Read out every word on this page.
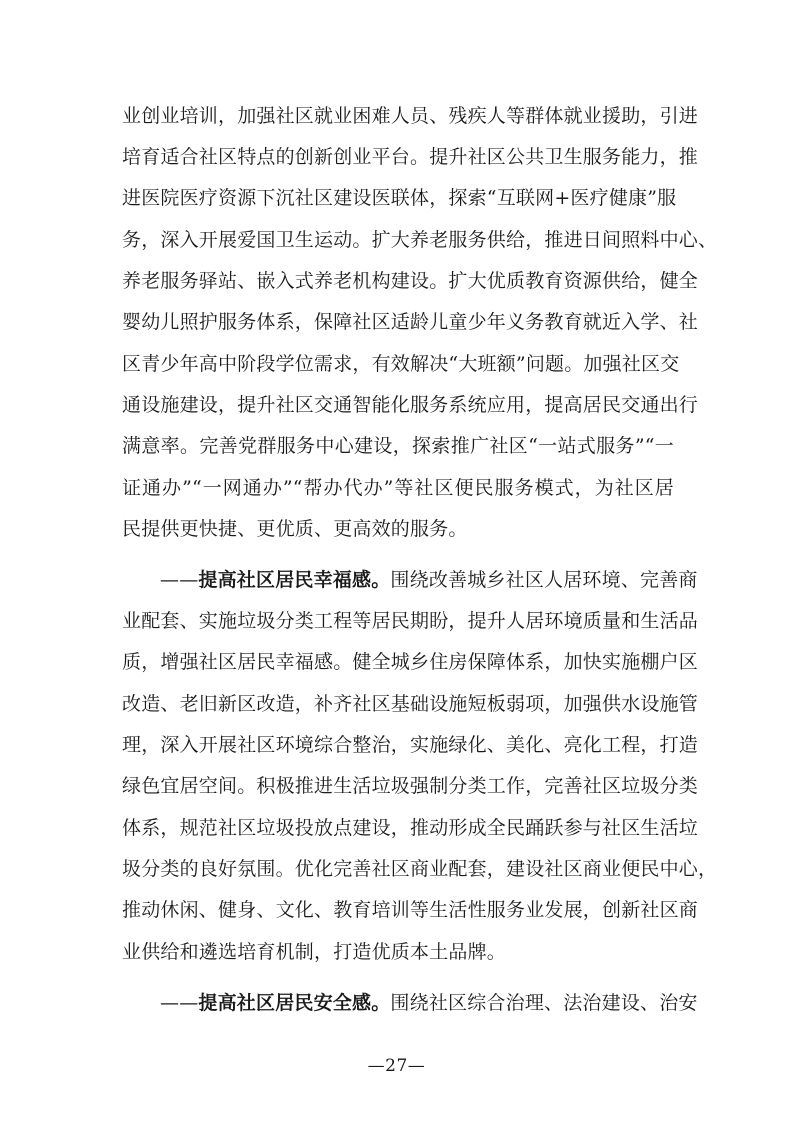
业创业培训，加强社区就业困难人员、残疾人等群体就业援助，引进
培育适合社区特点的创新创业平台。提升社区公共卫生服务能力，推
进医院医疗资源下沉社区建设医联体，探索“互联网+医疗健康”服
务，深入开展爱国卫生运动。扩大养老服务供给，推进日间照料中心、
养老服务驿站、嵌入式养老机构建设。扩大优质教育资源供给，健全
婴幼儿照护服务体系，保障社区适龄儿童少年义务教育就近入学、社
区青少年高中阶段学位需求，有效解决“大班额”问题。加强社区交
通设施建设，提升社区交通智能化服务系统应用，提高居民交通出行
满意率。完善党群服务中心建设，探索推广社区“一站式服务”“一
证通办”“一网通办”“帮办代办”等社区便民服务模式，为社区居
民提供更快捷、更优质、更高效的服务。
——提高社区居民幸福感。围绕改善城乡社区人居环境、完善商
业配套、实施垃圾分类工程等居民期盼，提升人居环境质量和生活品
质，增强社区居民幸福感。健全城乡住房保障体系，加快实施棚户区
改造、老旧新区改造，补齐社区基础设施短板弱项，加强供水设施管
理，深入开展社区环境综合整治，实施绿化、美化、亮化工程，打造
绿色宜居空间。积极推进生活垃圾强制分类工作，完善社区垃圾分类
体系，规范社区垃圾投放点建设，推动形成全民踊跃参与社区生活垃
圾分类的良好氛围。优化完善社区商业配套，建设社区商业便民中心，
推动休闲、健身、文化、教育培训等生活性服务业发展，创新社区商
业供给和遴选培育机制，打造优质本土品牌。
——提高社区居民安全感。围绕社区综合治理、法治建设、治安
—27—
